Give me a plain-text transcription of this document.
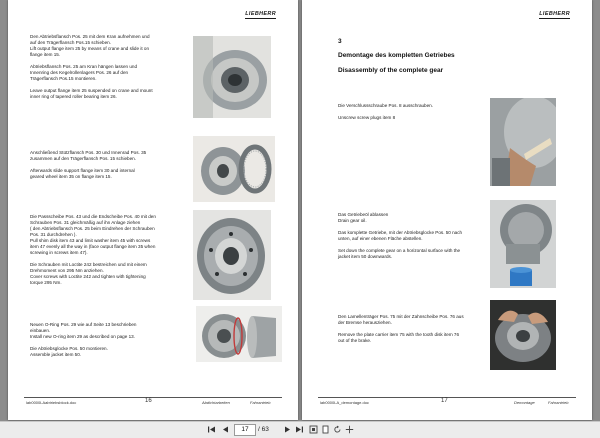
LIEBHERR

Den Abtriebsflansch Pos. 25 mit dem Kran aufnehmen und

auf den Trägerflansch Pos.15 schieben.

Lift output flange item 25 by means of crane and slide it on

flange item 15.

Abtriebsflansch Pos. 25 am Kran hängen lassen und

Innenring des Kegelrollenlagers Pos. 26 auf den

Trägerflansch Pos.15 montieren.

Leave output flange item 25 suspended on crane and mount

inner ring of tapered roller bearing item 26.

Anschließend Stützflansch Pos. 30 und Innenrad Pos. 35

zusammen auf den Trägerflansch Pos. 15 schieben.

Afterwards slide support flange item 30 and internal

geared wheel item 35 on flange item 15.

Die Passscheibe Pos. 43 und die Endscheibe Pos. 40 mit den

Schrauben Pos. 31 gleichmäßig auf ihn Anlage ziehen

( den Abtriebsflansch Pos. 25 beim Eindrehen der Schrauben

Pos. 31 durchdrehen ).

Pull shim disk item 43 and limit washer item 45 with screws

item 47 evenly all the way in (face output flange item 35 when

screwing in screws item 47).

Die Schrauben mit Loctite 242 bestreichen und mit einem

Drehmoment von 295 Nm anziehen.

Cover screws with Loctite 242 and tighten with tightening

torque 295 Nm.

Neuen O-Ring Pos. 29 wie auf Seite 13 beschrieben

einbauen.

Install new O-ring item 29 as described on page 13.

Die Abtriebsglocke Pos. 50 montieren.

Assemble jacket item 50.

lab0000LAabtriebsblock.doc	16	Abdichtarbeiten	Fahrantrieb
LIEBHERR
3
Demontage des kompletten Getriebes
Disassembly of the complete gear

Die Verschlussschraube Pos. 8 ausschrauben.

Unscrew screw plugs item 8

Das Getriebeöl ablassen

Drain gear oil.

Das komplette Getriebe, mit der Abtriebsglocke Pos. 50 nach

unten, auf einer ebenen Fläche abstellen.

Set down the complete gear on a horizontal surface with the

jacket item 50 downwards.

Den Lamellenträger Pos. 75 mit der Zahnscheibe Pos. 76 aus

der Bremse herausziehen.

Remove the plate carrier item 75 with the tooth disk item 76

out of the brake.

lab0000LA_demontage.doc	17	Demontage	Fahrantrieb
17	/ 63
